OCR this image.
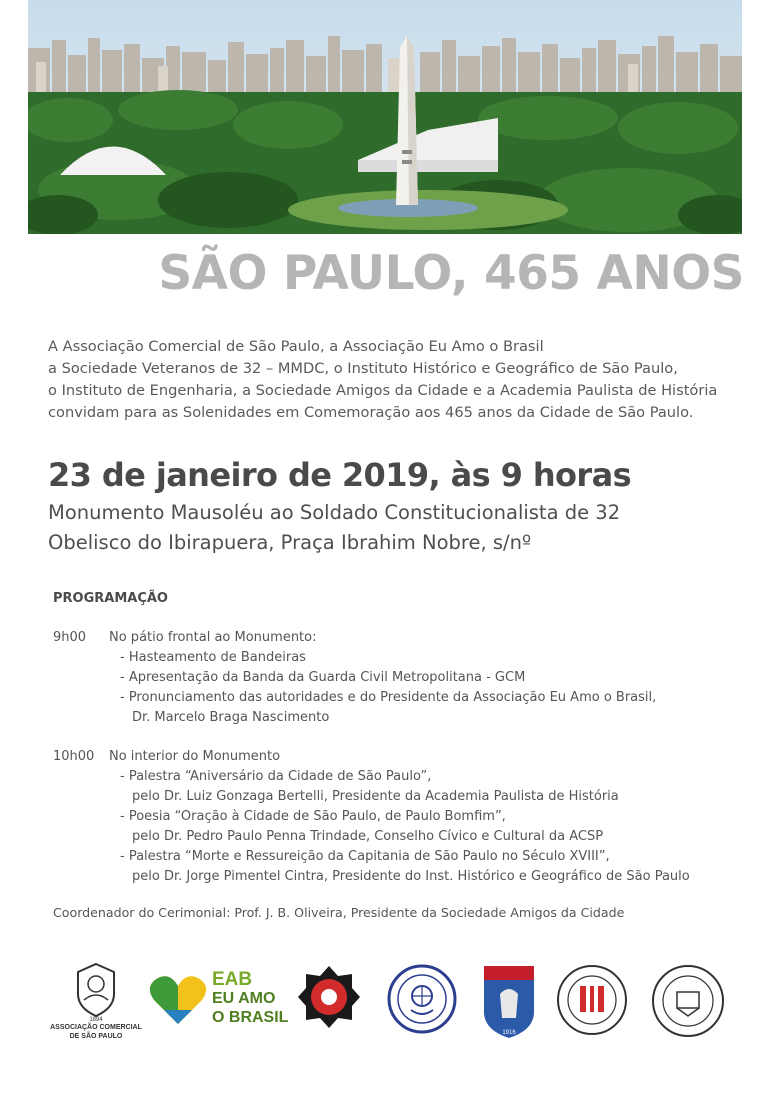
SÃO PAULO, 465 ANOS
A Associação Comercial de São Paulo, a Associação Eu Amo o Brasil
a Sociedade Veteranos de 32 – MMDC, o Instituto Histórico e Geográfico de São Paulo,
o Instituto de Engenharia, a Sociedade Amigos da Cidade e a Academia Paulista de História
convidam para as Solenidades em Comemoração aos 465 anos da Cidade de São Paulo.
23 de janeiro de 2019, às 9 horas
Monumento Mausoléu ao Soldado Constitucionalista de 32
Obelisco do Ibirapuera, Praça Ibrahim Nobre, s/nº
PROGRAMAÇÃO
9h00 No pátio frontal ao Monumento:
- Hasteamento de Bandeiras
- Apresentação da Banda da Guarda Civil Metropolitana - GCM
- Pronunciamento das autoridades e do Presidente da Associação Eu Amo o Brasil,
Dr. Marcelo Braga Nascimento
10h00 No interior do Monumento
- Palestra “Aniversário da Cidade de São Paulo”,
pelo Dr. Luiz Gonzaga Bertelli, Presidente da Academia Paulista de História
- Poesia “Oração à Cidade de São Paulo, de Paulo Bomfim”,
pelo Dr. Pedro Paulo Penna Trindade, Conselho Cívico e Cultural da ACSP
- Palestra “Morte e Ressureição da Capitania de São Paulo no Século XVIII”,
pelo Dr. Jorge Pimentel Cintra, Presidente do Inst. Histórico e Geográfico de São Paulo
Coordenador do Cerimonial: Prof. J. B. Oliveira, Presidente da Sociedade Amigos da Cidade
1894
ASSOCIAÇÃO COMERCIAL
DE SÃO PAULO
EAB
EU AMO
O BRASIL
1916
